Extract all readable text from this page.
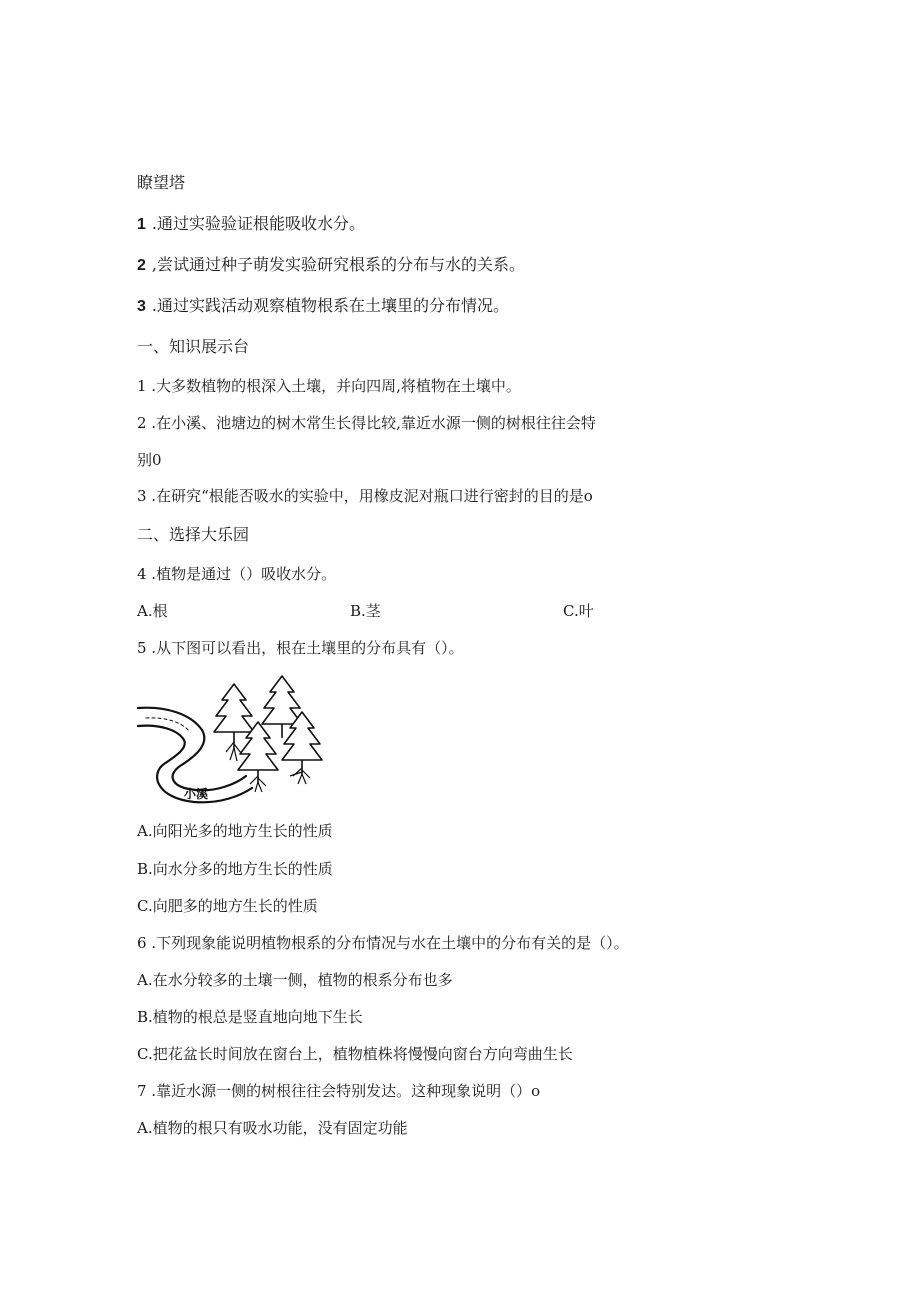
瞭望塔
1 .通过实验验证根能吸收水分。
2 ,尝试通过种子萌发实验研究根系的分布与水的关系。
3 .通过实践活动观察植物根系在土壤里的分布情况。
一、知识展示台
1 .大多数植物的根深入土壤，并向四周,将植物在土壤中。
2 .在小溪、池塘边的树木常生长得比较,靠近水源一侧的树根往往会特
别0
3 .在研究“根能否吸水的实验中，用橡皮泥对瓶口进行密封的目的是o
二、选择大乐园
4 .植物是通过（）吸收水分。
A.根	B.茎	C.叶
5 .从下图可以看出，根在土壤里的分布具有（）。
小溪
A.向阳光多的地方生长的性质
B.向水分多的地方生长的性质
C.向肥多的地方生长的性质
6 .下列现象能说明植物根系的分布情况与水在土壤中的分布有关的是（）。
A.在水分较多的土壤一侧，植物的根系分布也多
B.植物的根总是竖直地向地下生长
C.把花盆长时间放在窗台上，植物植株将慢慢向窗台方向弯曲生长
7 .靠近水源一侧的树根往往会特别发达。这种现象说明（）o
A.植物的根只有吸水功能，没有固定功能
